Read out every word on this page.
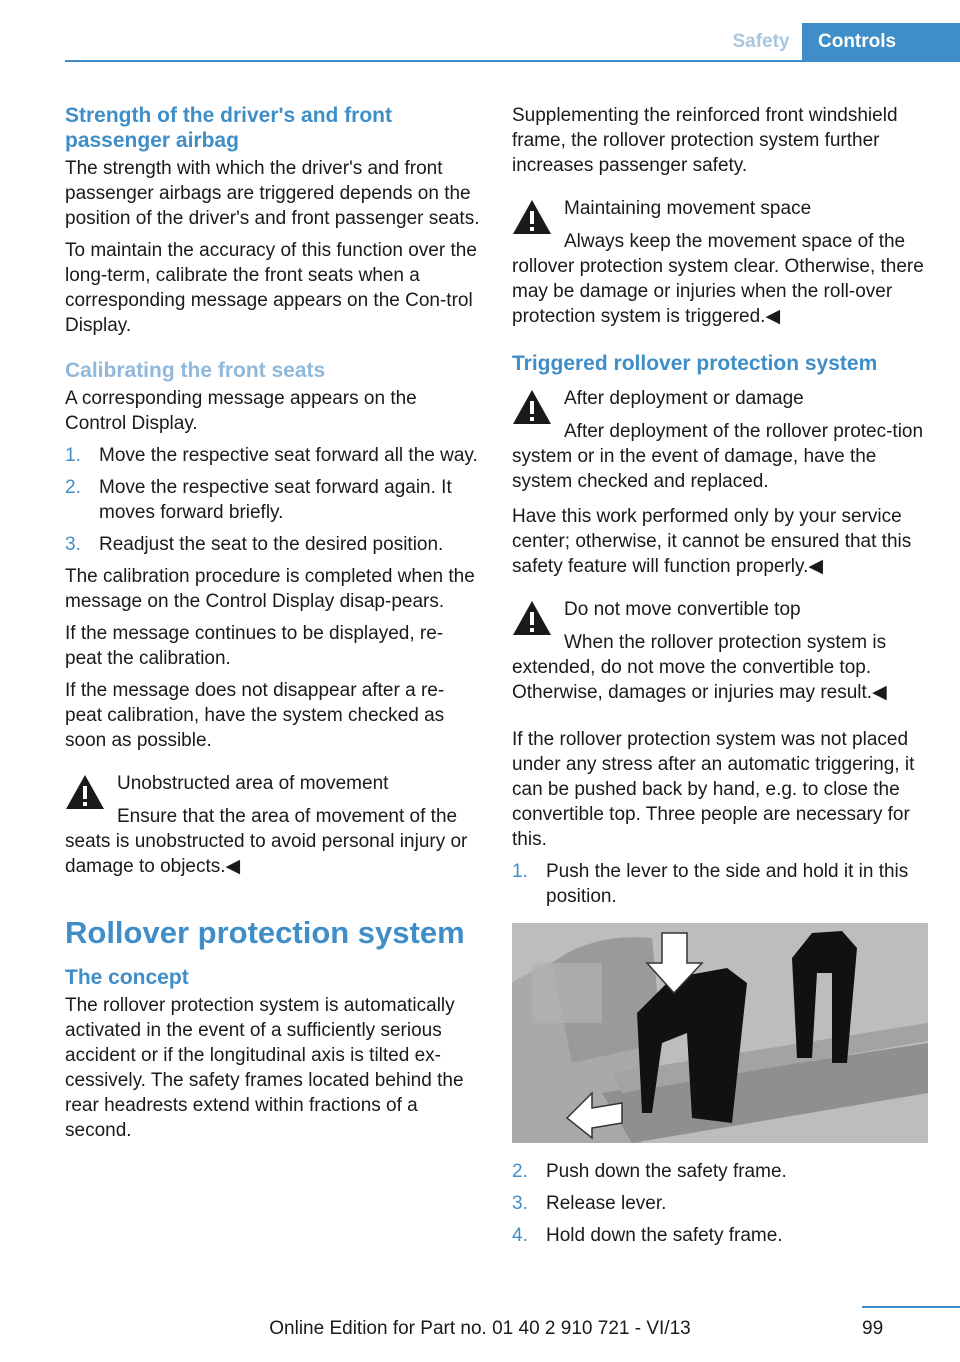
Safety	Controls
Strength of the driver's and front passenger airbag

The strength with which the driver's and front passenger airbags are triggered depends on the position of the driver's and front passenger seats.

To maintain the accuracy of this function over the long-term, calibrate the front seats when a corresponding message appears on the Con‐trol Display.

Calibrating the front seats

A corresponding message appears on the Control Display.

1. Move the respective seat forward all the way.
2. Move the respective seat forward again. It moves forward briefly.
3. Readjust the seat to the desired position.

The calibration procedure is completed when the message on the Control Display disap‐pears.

If the message continues to be displayed, re‐peat the calibration.

If the message does not disappear after a re‐peat calibration, have the system checked as soon as possible.

Unobstructed area of movement
Ensure that the area of movement of the seats is unobstructed to avoid personal injury or damage to objects.◀
Rollover protection system
The concept

The rollover protection system is automatically activated in the event of a sufficiently serious accident or if the longitudinal axis is tilted ex‐cessively. The safety frames located behind the rear headrests extend within fractions of a second.

Supplementing the reinforced front windshield frame, the rollover protection system further increases passenger safety.

Maintaining movement space
Always keep the movement space of the rollover protection system clear. Otherwise, there may be damage or injuries when the roll‐over protection system is triggered.◀
Triggered rollover protection system
After deployment or damage
After deployment of the rollover protec‐tion system or in the event of damage, have the system checked and replaced.

Have this work performed only by your service center; otherwise, it cannot be ensured that this safety feature will function properly.◀

Do not move convertible top
When the rollover protection system is extended, do not move the convertible top. Otherwise, damages or injuries may result.◀

If the rollover protection system was not placed under any stress after an automatic triggering, it can be pushed back by hand, e.g. to close the convertible top. Three people are necessary for this.

1. Push the lever to the side and hold it in this position.
2. Push down the safety frame.
3. Release lever.
4. Hold down the safety frame.
99
Online Edition for Part no. 01 40 2 910 721 - VI/13
